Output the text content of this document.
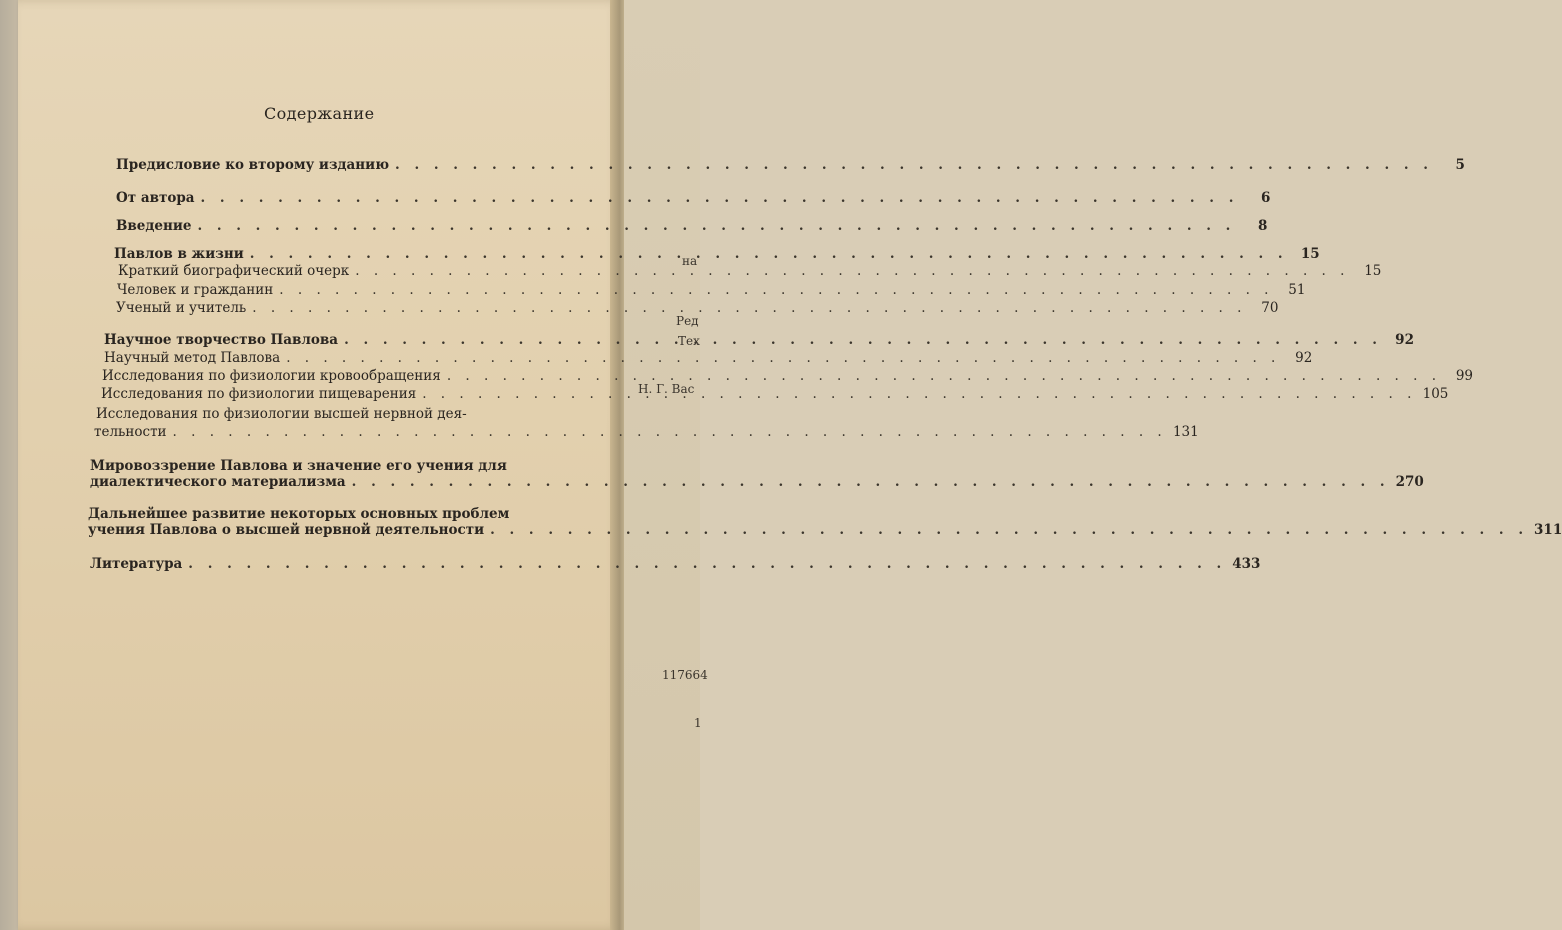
на
Ред
Тех
Н. Г. Вас
117664
1
Содержание
Предисловие ко второму изданию . . .	5
От автора . . .	6
Введение . . .	8
Павлов в жизни . . .	15
Краткий биографический очерк . . .	15
Человек и гражданин . . .	51
Ученый и учитель . . .	70
Научное творчество Павлова . . .	92
Научный метод Павлова . . .	92
Исследования по физиологии кровообращения . . .	99
Исследования по физиологии пищеварения . . .	105
Исследования по физиологии высшей нервной дея-
тельности . . .	131
Мировоззрение Павлова и значение его учения для
диалектического материализма . . .	270
Дальнейшее развитие некоторых основных проблем
учения Павлова о высшей нервной деятельности . . .	311
Литература . . .	433
